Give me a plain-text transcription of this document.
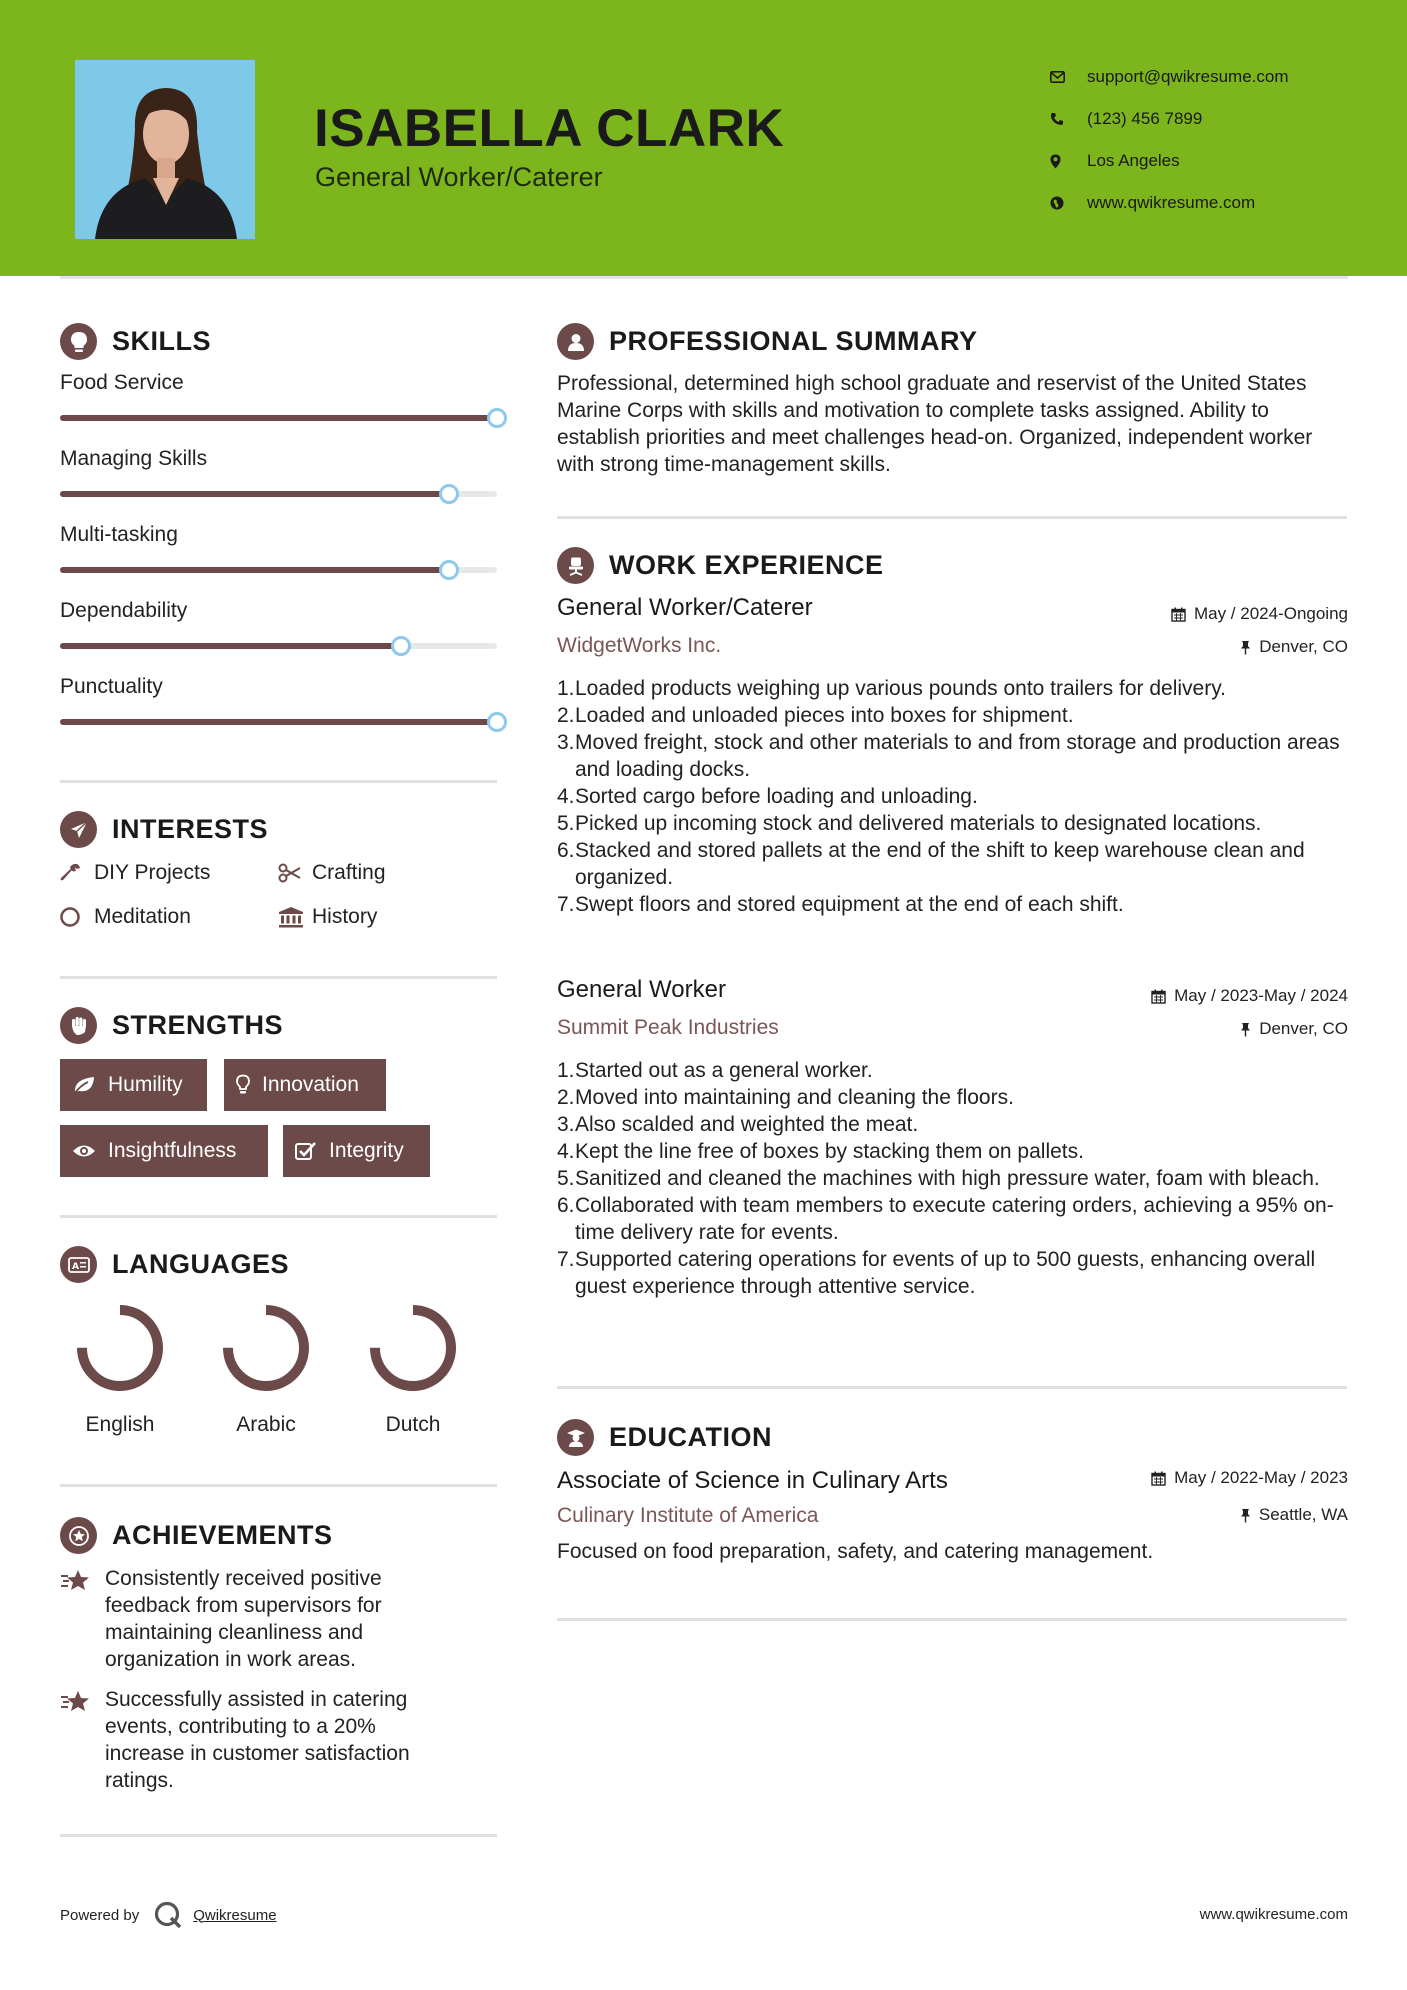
ISABELLA CLARK
General Worker/Caterer
support@qwikresume.com
(123) 456 7899
Los Angeles
www.qwikresume.com
SKILLS
Food Service
Managing Skills
Multi-tasking
Dependability
Punctuality
INTERESTS
DIY Projects	Crafting
Meditation	History
STRENGTHS
Humility	Innovation
Insightfulness	Integrity
A LANGUAGES
English	Arabic	Dutch
ACHIEVEMENTS
Consistently received positive feedback from supervisors for maintaining cleanliness and organization in work areas.
Successfully assisted in catering events, contributing to a 20% increase in customer satisfaction ratings.
PROFESSIONAL SUMMARY
Professional, determined high school graduate and reservist of the United States Marine Corps with skills and motivation to complete tasks assigned. Ability to establish priorities and meet challenges head-on. Organized, independent worker with strong time-management skills.
WORK EXPERIENCE
General Worker/Caterer	May / 2024-Ongoing
WidgetWorks Inc.	Denver, CO
1. Loaded products weighing up various pounds onto trailers for delivery.
2. Loaded and unloaded pieces into boxes for shipment.
3. Moved freight, stock and other materials to and from storage and production areas and loading docks.
4. Sorted cargo before loading and unloading.
5. Picked up incoming stock and delivered materials to designated locations.
6. Stacked and stored pallets at the end of the shift to keep warehouse clean and organized.
7. Swept floors and stored equipment at the end of each shift.
General Worker	May / 2023-May / 2024
Summit Peak Industries	Denver, CO
1. Started out as a general worker.
2. Moved into maintaining and cleaning the floors.
3. Also scalded and weighted the meat.
4. Kept the line free of boxes by stacking them on pallets.
5. Sanitized and cleaned the machines with high pressure water, foam with bleach.
6. Collaborated with team members to execute catering orders, achieving a 95% on-time delivery rate for events.
7. Supported catering operations for events of up to 500 guests, enhancing overall guest experience through attentive service.
EDUCATION
Associate of Science in Culinary Arts	May / 2022-May / 2023
Culinary Institute of America	Seattle, WA
Focused on food preparation, safety, and catering management.
Powered by	Qwikresume	www.qwikresume.com
